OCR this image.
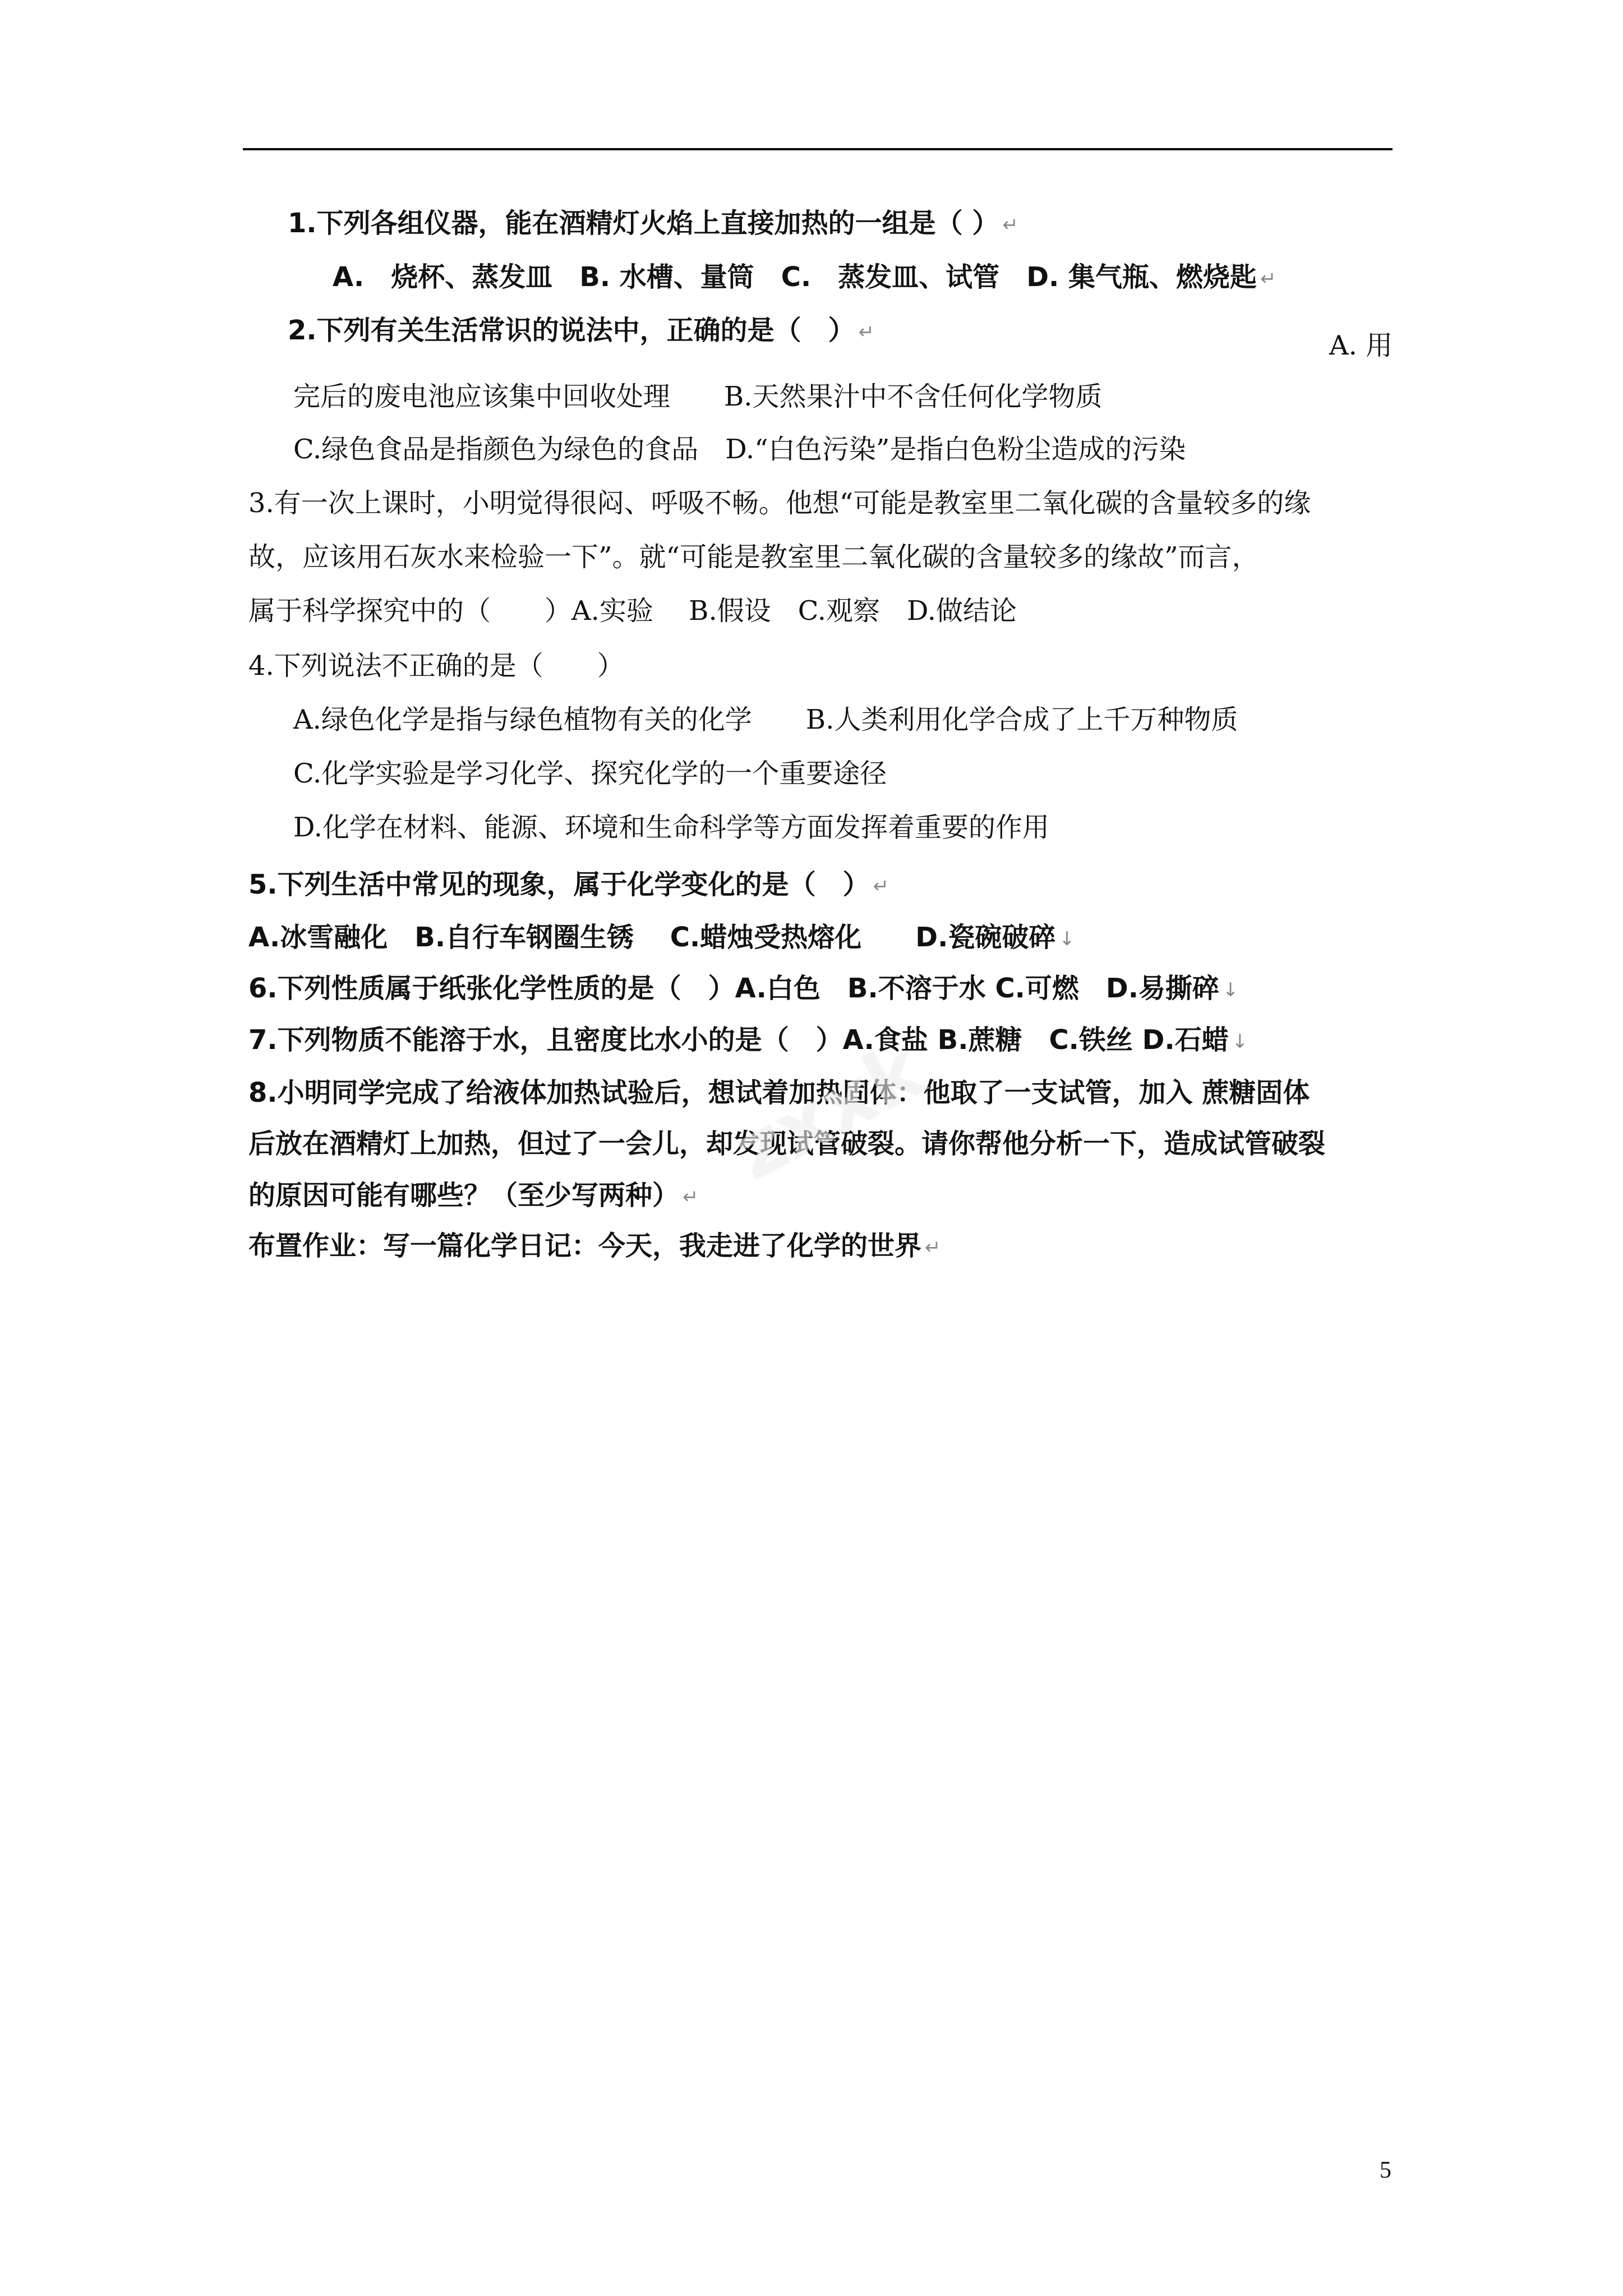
1.下列各组仪器，能在酒精灯火焰上直接加热的一组是（ ） ↵
A.　烧杯、蒸发皿　B. 水槽、量筒　C.　蒸发皿、试管　D. 集气瓶、燃烧匙 ↵
2.下列有关生活常识的说法中，正确的是（　） ↵	A. 用
完后的废电池应该集中回收处理　　B.天然果汁中不含任何化学物质
C.绿色食品是指颜色为绿色的食品　D.“白色污染”是指白色粉尘造成的污染
3.有一次上课时，小明觉得很闷、呼吸不畅。他想“可能是教室里二氧化碳的含量较多的缘
故，应该用石灰水来检验一下”。就“可能是教室里二氧化碳的含量较多的缘故”而言，
属于科学探究中的（　　）A.实验　 B.假设　C.观察　D.做结论
4.下列说法不正确的是（　　）
A.绿色化学是指与绿色植物有关的化学　　B.人类利用化学合成了上千万种物质
C.化学实验是学习化学、探究化学的一个重要途径
D.化学在材料、能源、环境和生命科学等方面发挥着重要的作用
5.下列生活中常见的现象，属于化学变化的是（　） ↵
A.冰雪融化　B.自行车钢圈生锈　 C.蜡烛受热熔化　　D.瓷碗破碎 ↓
6.下列性质属于纸张化学性质的是（　）A.白色　B.不溶于水 C.可燃　D.易撕碎 ↓
7.下列物质不能溶于水，且密度比水小的是（　）A.食盐 B.蔗糖　C.铁丝 D.石蜡 ↓
8.小明同学完成了给液体加热试验后，想试着加热固体：他取了一支试管，加入 蔗糖固体
后放在酒精灯上加热，但过了一会儿，却发现试管破裂。请你帮他分析一下，造成试管破裂
的原因可能有哪些？（至少写两种） ↵
布置作业：写一篇化学日记：今天，我走进了化学的世界 ↵
zxxk
5
